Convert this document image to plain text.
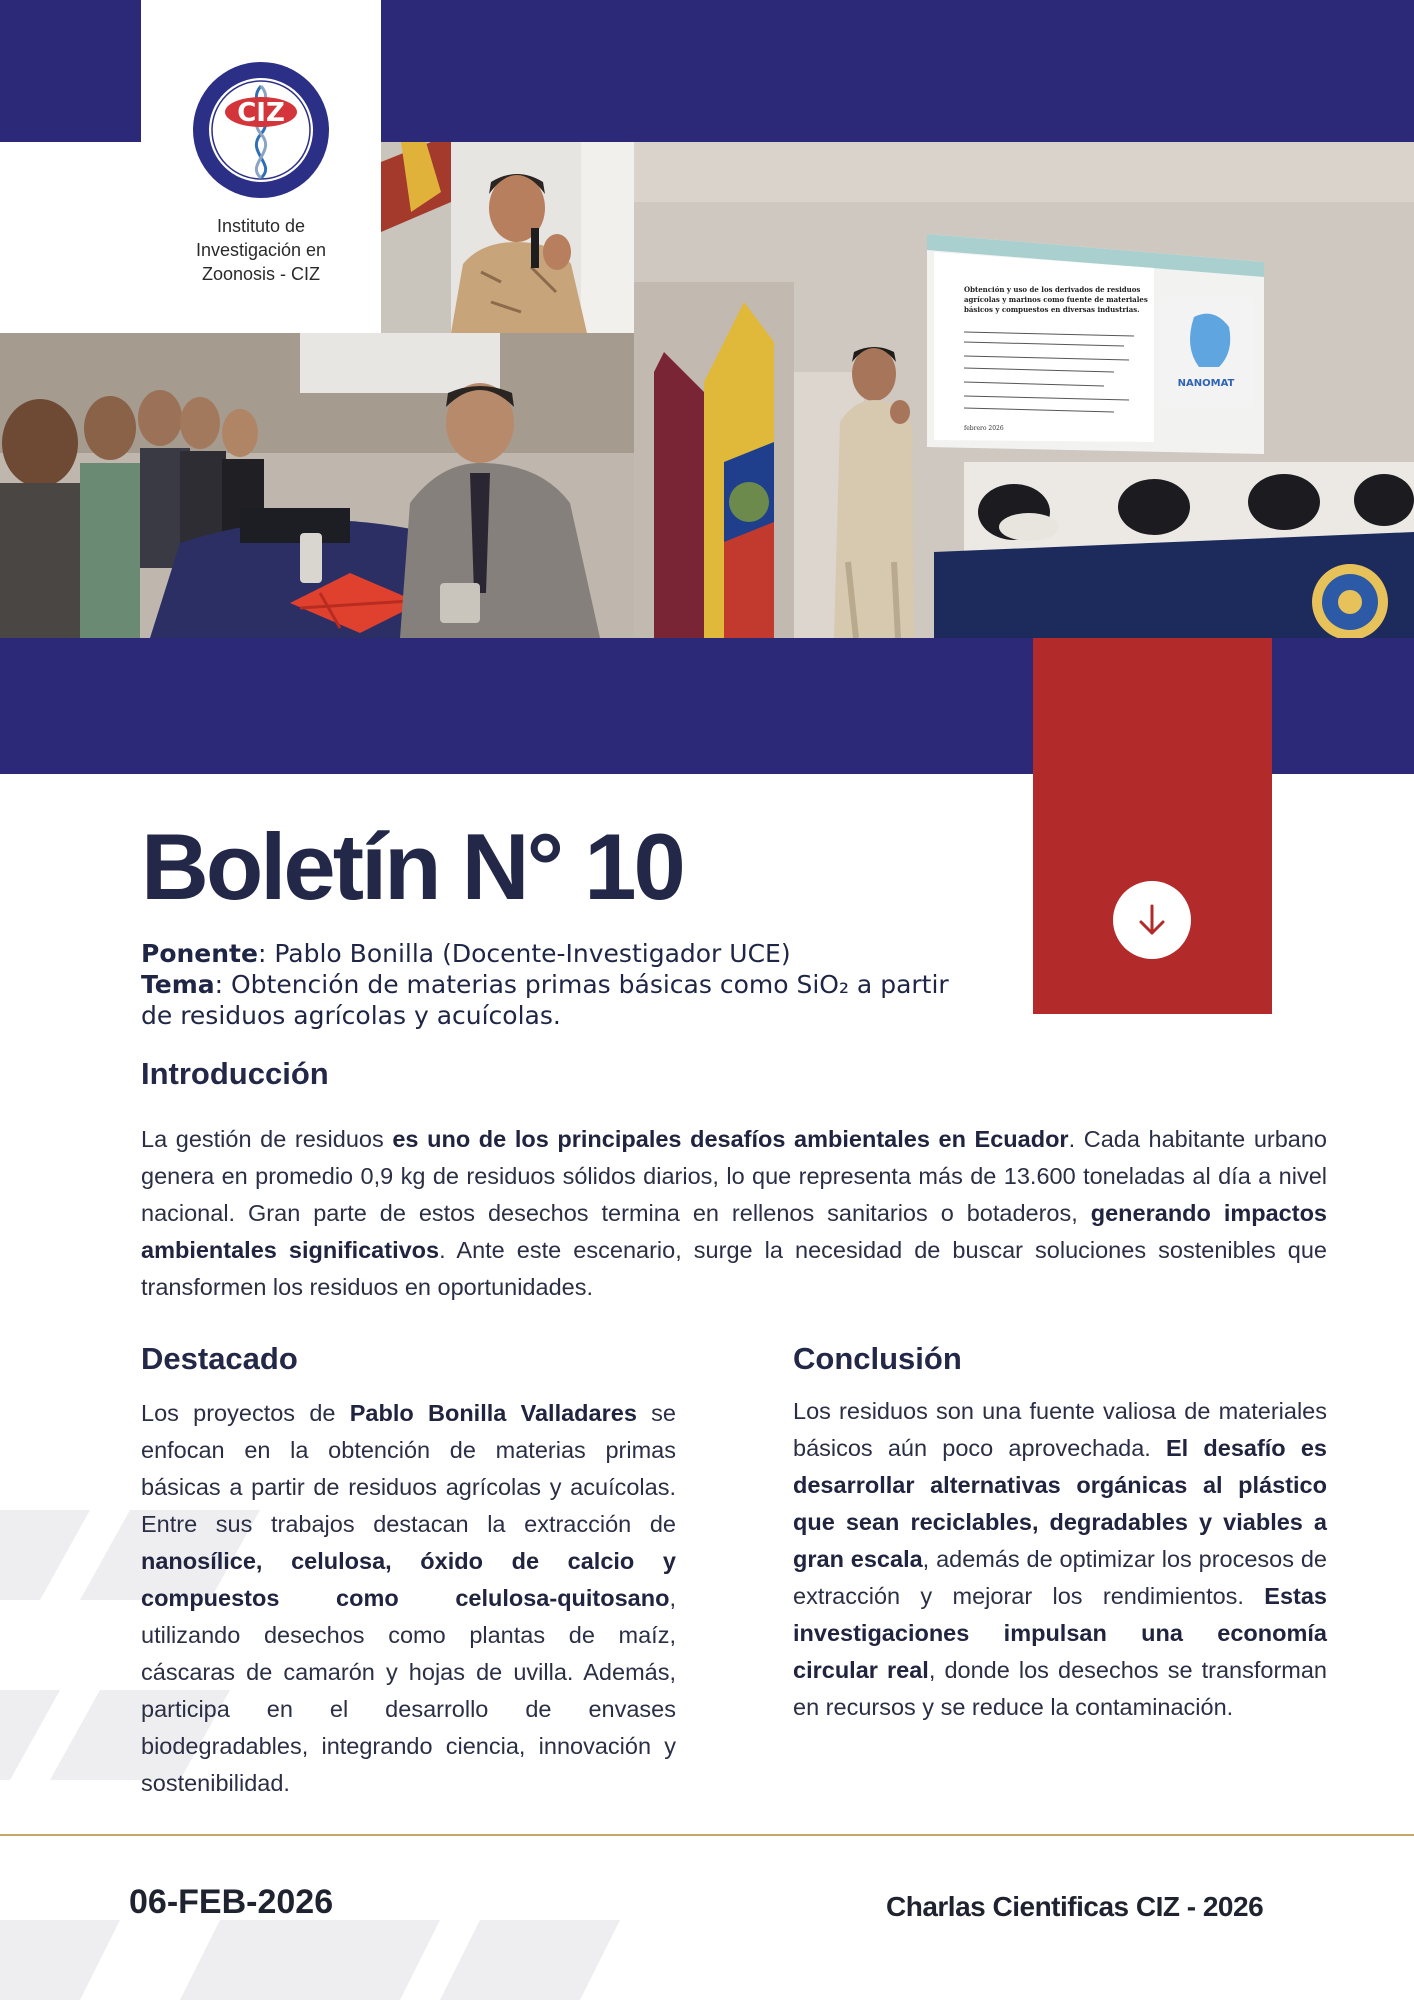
CIZ
Instituto de
Investigación en
Zoonosis - CIZ
Obtención y uso de los derivados de residuos
agrícolas y marinos como fuente de materiales
básicos y compuestos en diversas industrias.
febrero 2026
NANOMAT
Boletín N° 10
Ponente: Pablo Bonilla (Docente-Investigador UCE)
Tema: Obtención de materias primas básicas como SiO₂ a partir de residuos agrícolas y acuícolas.
Introducción

La gestión de residuos es uno de los principales desafíos ambientales en Ecuador. Cada habitante urbano genera en promedio 0,9 kg de residuos sólidos diarios, lo que representa más de 13.600 toneladas al día a nivel nacional. Gran parte de estos desechos termina en rellenos sanitarios o botaderos, generando impactos ambientales significativos. Ante este escenario, surge la necesidad de buscar soluciones sostenibles que transformen los residuos en oportunidades.

Destacado

Los proyectos de Pablo Bonilla Valladares se enfocan en la obtención de materias primas básicas a partir de residuos agrícolas y acuícolas. Entre sus trabajos destacan la extracción de nanosílice, celulosa, óxido de calcio y compuestos como celulosa-quitosano, utilizando desechos como plantas de maíz, cáscaras de camarón y hojas de uvilla. Además, participa en el desarrollo de envases biodegradables, integrando ciencia, innovación y sostenibilidad.

Conclusión

Los residuos son una fuente valiosa de materiales básicos aún poco aprovechada. El desafío es desarrollar alternativas orgánicas al plástico que sean reciclables, degradables y viables a gran escala, además de optimizar los procesos de extracción y mejorar los rendimientos. Estas investigaciones impulsan una economía circular real, donde los desechos se transforman en recursos y se reduce la contaminación.

06-FEB-2026	Charlas Cientificas CIZ - 2026
